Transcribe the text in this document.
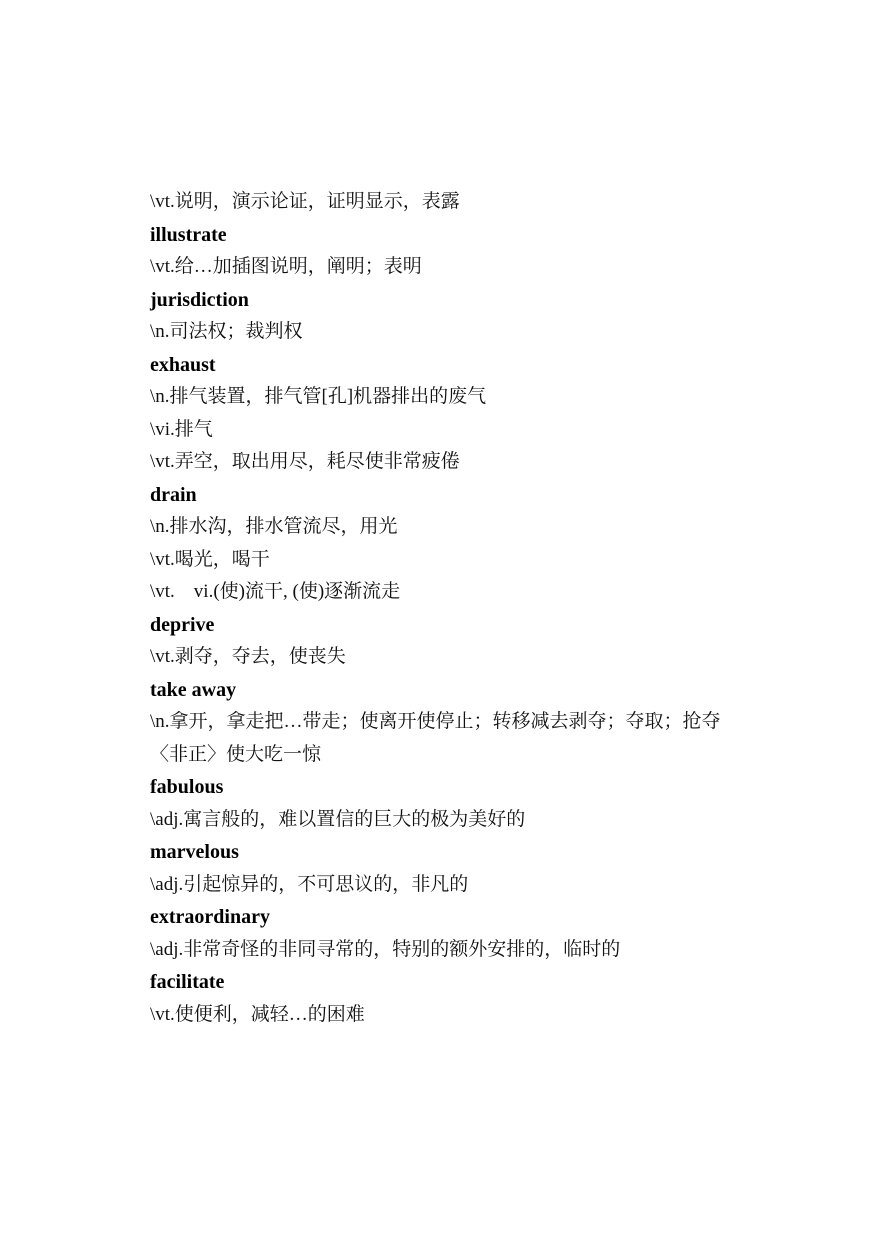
\vt.说明，演示论证，证明显示，表露
illustrate
\vt.给…加插图说明，阐明；表明
jurisdiction
\n.司法权；裁判权
exhaust
\n.排气装置，排气管[孔]机器排出的废气
\vi.排气
\vt.弄空，取出用尽，耗尽使非常疲倦
drain
\n.排水沟，排水管流尽，用光
\vt.喝光，喝干
\vt.　vi.(使)流干, (使)逐渐流走
deprive
\vt.剥夺，夺去，使丧失
take away
\n.拿开，拿走把…带走；使离开使停止；转移减去剥夺；夺取；抢夺〈非正〉使大吃一惊
fabulous
\adj.寓言般的，难以置信的巨大的极为美好的
marvelous
\adj.引起惊异的，不可思议的，非凡的
extraordinary
\adj.非常奇怪的非同寻常的，特别的额外安排的，临时的
facilitate
\vt.使便利，减轻…的困难
